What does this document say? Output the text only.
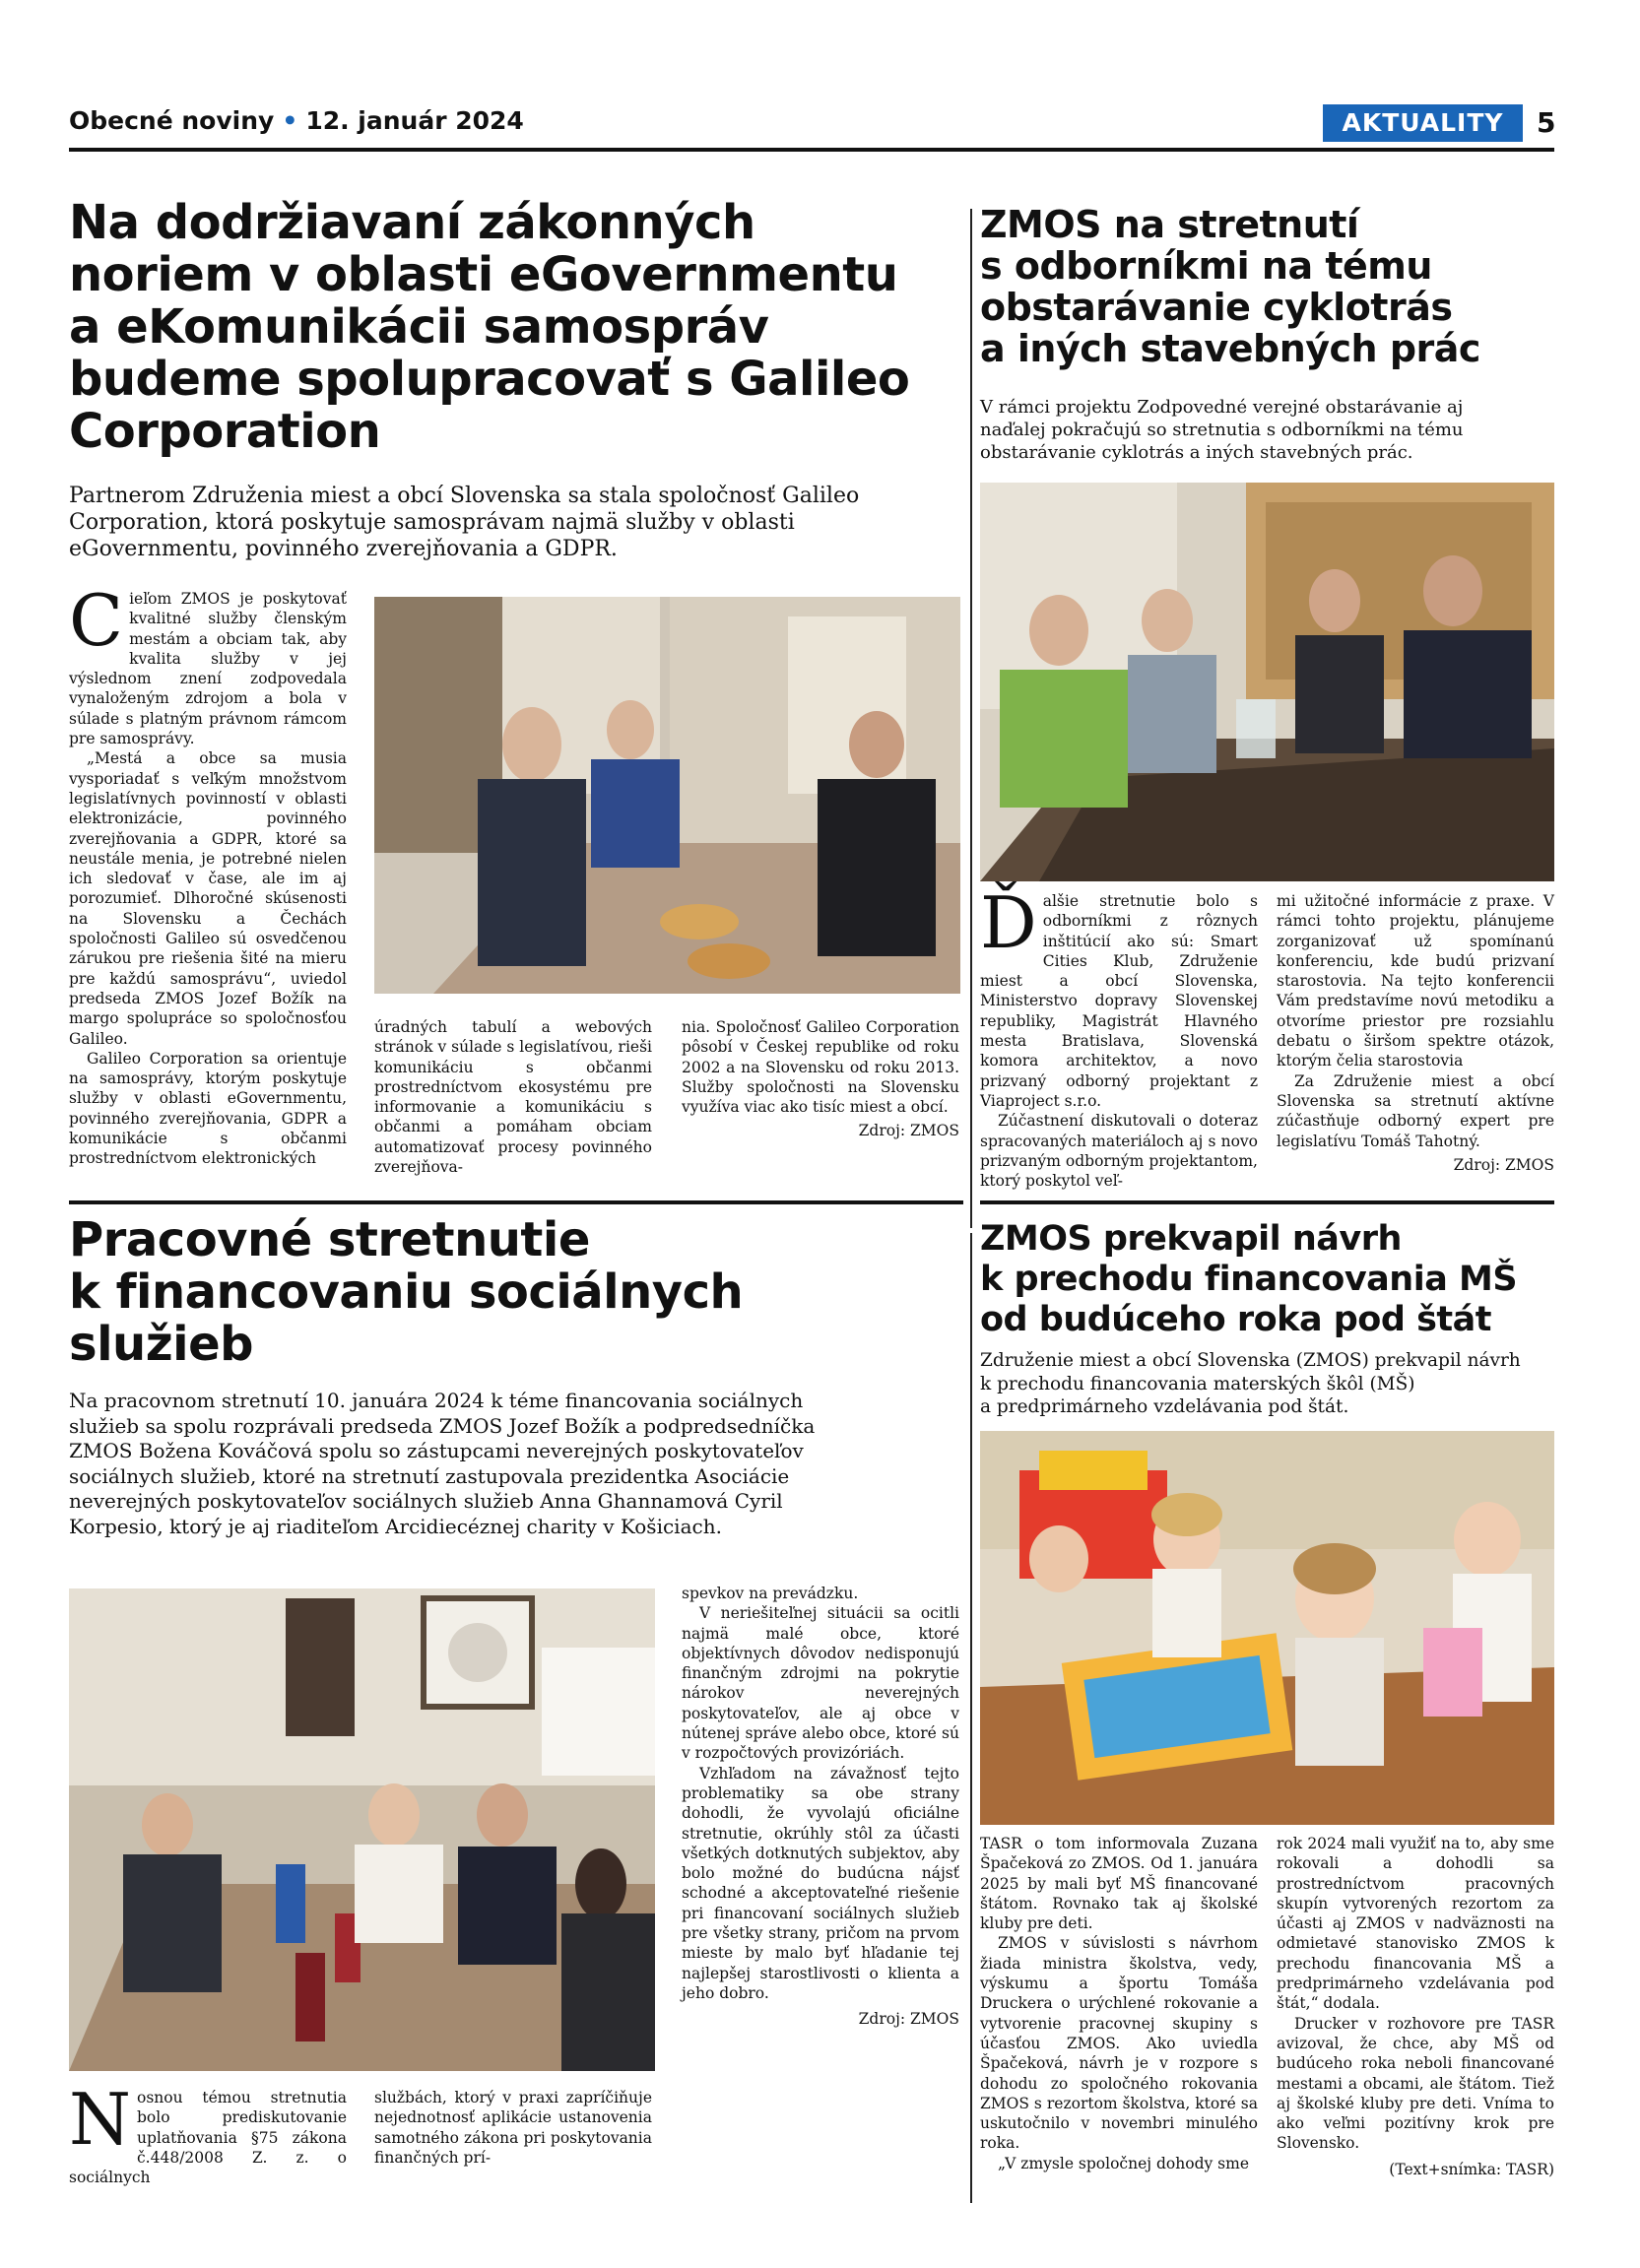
Obecné noviny • 12. január 2024	AKTUALITY	5
Na dodržiavaní zákonných
noriem v oblasti eGovernmentu
a eKomunikácii samospráv
budeme spolupracovať s Galileo
Corporation
Partnerom Združenia miest a obcí Slovenska sa stala spoločnosť Galileo
Corporation, ktorá poskytuje samosprávam najmä služby v oblasti
eGovernmentu, povinného zverejňovania a GDPR.

Cieľom ZMOS je poskytovať kvalitné služby členským mestám a obciam tak, aby kvalita služby v jej výslednom znení zodpovedala vynaloženým zdrojom a bola v súlade s platným právnom rámcom pre samosprávy.

„Mestá a obce sa musia vysporiadať s veľkým množstvom legislatívnych povinností v oblasti elektronizácie, povinného zverejňovania a GDPR, ktoré sa neustále menia, je potrebné nielen ich sledovať v čase, ale im aj porozumieť. Dlhoročné skúsenosti na Slovensku a Čechách spoločnosti Galileo sú osvedčenou zárukou pre riešenia šité na mieru pre každú samosprávu“, uviedol predseda ZMOS Jozef Božík na margo spolupráce so spoločnosťou Galileo.

Galileo Corporation sa orientuje na samosprávy, ktorým poskytuje služby v oblasti eGovernmentu, povinného zverejňovania, GDPR a komunikácie s občanmi prostredníctvom elektronických

úradných tabulí a webových stránok v súlade s legislatívou, rieši komunikáciu s občanmi prostredníctvom ekosystému pre informovanie a komunikáciu s občanmi a pomáham obciam automatizovať procesy povinného zverejňova-

nia. Spoločnosť Galileo Corporation pôsobí v Českej republike od roku 2002 a na Slovensku od roku 2013. Služby spoločnosti na Slovensku využíva viac ako tisíc miest a obcí.

Zdroj: ZMOS
ZMOS na stretnutí
s odborníkmi na tému
obstarávanie cyklotrás
a iných stavebných prác
V rámci projektu Zodpovedné verejné obstarávanie aj
naďalej pokračujú so stretnutia s odborníkmi na tému
obstarávanie cyklotrás a iných stavebných prác.

Ďalšie stretnutie bolo s odborníkmi z rôznych inštitúcií ako sú: Smart Cities Klub, Združenie miest a obcí Slovenska, Ministerstvo dopravy Slovenskej republiky, Magistrát Hlavného mesta Bratislava, Slovenská komora architektov, a novo prizvaný odborný projektant z Viaproject s.r.o.

Zúčastnení diskutovali o doteraz spracovaných materiáloch aj s novo prizvaným odborným projektantom, ktorý poskytol veľ-

mi užitočné informácie z praxe. V rámci tohto projektu, plánujeme zorganizovať už spomínanú konferenciu, kde budú prizvaní starostovia. Na tejto konferencii Vám predstavíme novú metodiku a otvoríme priestor pre rozsiahlu debatu o širšom spektre otázok, ktorým čelia starostovia

Za Združenie miest a obcí Slovenska sa stretnutí aktívne zúčastňuje odborný expert pre legislatívu Tomáš Tahotný.

Zdroj: ZMOS
Pracovné stretnutie
k financovaniu sociálnych
služieb
Na pracovnom stretnutí 10. januára 2024 k téme financovania sociálnych
služieb sa spolu rozprávali predseda ZMOS Jozef Božík a podpredsedníčka
ZMOS Božena Kováčová spolu so zástupcami neverejných poskytovateľov
sociálnych služieb, ktoré na stretnutí zastupovala prezidentka Asociácie
neverejných poskytovateľov sociálnych služieb Anna Ghannamová Cyril
Korpesio, ktorý je aj riaditeľom Arcidiecéznej charity v Košiciach.

Nosnou témou stretnutia bolo prediskutovanie uplatňovania §75 zákona č.448/2008 Z. z. o sociálnych

službách, ktorý v praxi zapríčiňuje nejednotnosť aplikácie ustanovenia samotného zákona pri poskytovania finančných prí-

spevkov na prevádzku.

V neriešiteľnej situácii sa ocitli najmä malé obce, ktoré objektívnych dôvodov nedisponujú finančným zdrojmi na pokrytie nárokov neverejných poskytovateľov, ale aj obce v nútenej správe alebo obce, ktoré sú v rozpočtových provizóriách.

Vzhľadom na závažnosť tejto problematiky sa obe strany dohodli, že vyvolajú oficiálne stretnutie, okrúhly stôl za účasti všetkých dotknutých subjektov, aby bolo možné do budúcna nájsť schodné a akceptovateľné riešenie pri financovaní sociálnych služieb pre všetky strany, pričom na prvom mieste by malo byť hľadanie tej najlepšej starostlivosti o klienta a jeho dobro.

Zdroj: ZMOS
ZMOS prekvapil návrh
k prechodu financovania MŠ
od budúceho roka pod štát
Združenie miest a obcí Slovenska (ZMOS) prekvapil návrh
k prechodu financovania materských škôl (MŠ)
a predprimárneho vzdelávania pod štát.

TASR o tom informovala Zuzana Špačeková zo ZMOS. Od 1. januára 2025 by mali byť MŠ financované štátom. Rovnako tak aj školské kluby pre deti.

ZMOS v súvislosti s návrhom žiada ministra školstva, vedy, výskumu a športu Tomáša Druckera o urýchlené rokovanie a vytvorenie pracovnej skupiny s účasťou ZMOS. Ako uviedla Špačeková, návrh je v rozpore s dohodu zo spoločného rokovania ZMOS s rezortom školstva, ktoré sa uskutočnilo v novembri minulého roka.

„V zmysle spoločnej dohody sme

rok 2024 mali využiť na to, aby sme rokovali a dohodli sa prostredníctvom pracovných skupín vytvorených rezortom za účasti aj ZMOS v nadväznosti na odmietavé stanovisko ZMOS k prechodu financovania MŠ a predprimárneho vzdelávania pod štát,“ dodala.

Drucker v rozhovore pre TASR avizoval, že chce, aby MŠ od budúceho roka neboli financované mestami a obcami, ale štátom. Tiež aj školské kluby pre deti. Vníma to ako veľmi pozitívny krok pre Slovensko.

(Text+snímka: TASR)
